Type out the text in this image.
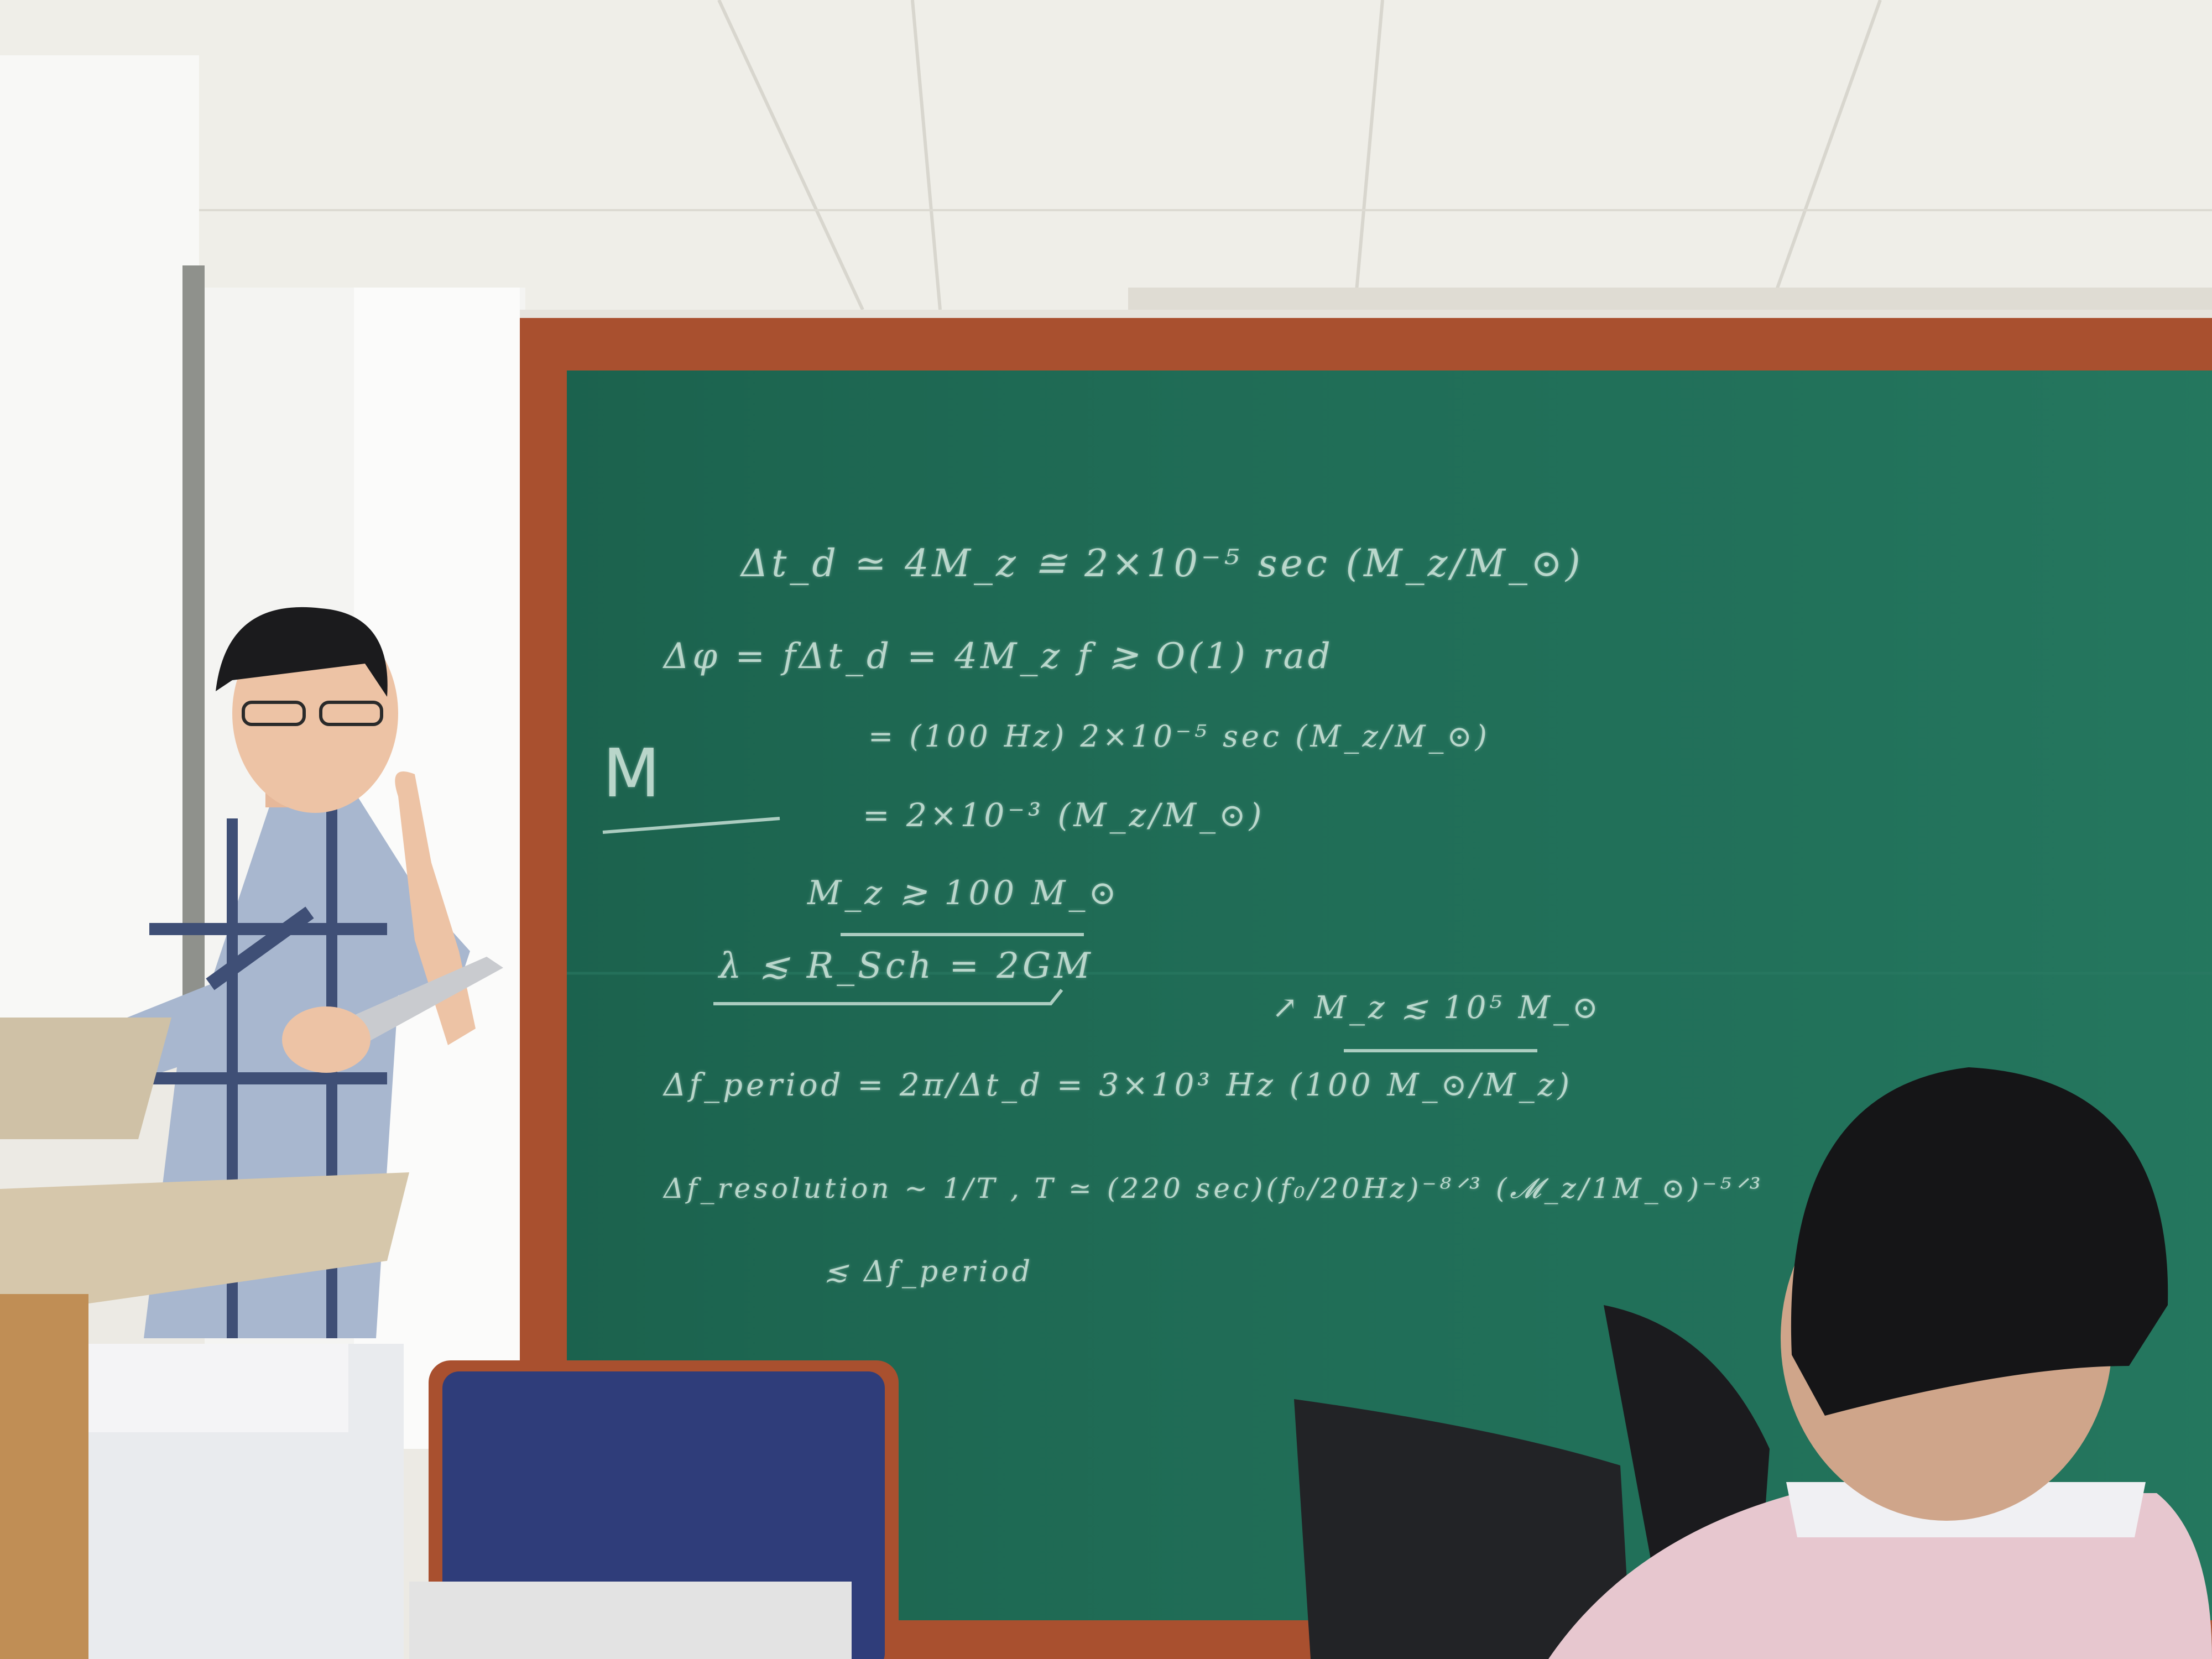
Δt_d ≃ 4M_z ≅ 2×10⁻⁵ sec (M_z/M_⊙)
Δφ = fΔt_d = 4M_z f ≳ O(1) rad
= (100 Hz) 2×10⁻⁵ sec (M_z/M_⊙)
= 2×10⁻³ (M_z/M_⊙)
M_z ≳ 100 M_⊙
λ ≲ R_Sch = 2GM
↗ M_z ≲ 10⁵ M_⊙
Δf_period = 2π/Δt_d = 3×10³ Hz (100 M_⊙/M_z)
Δf_resolution ~ 1/T , T ≃ (220 sec)(f₀/20Hz)⁻⁸ᐟ³ (𝓜_z/1M_⊙)⁻⁵ᐟ³
≲ Δf_period
M
